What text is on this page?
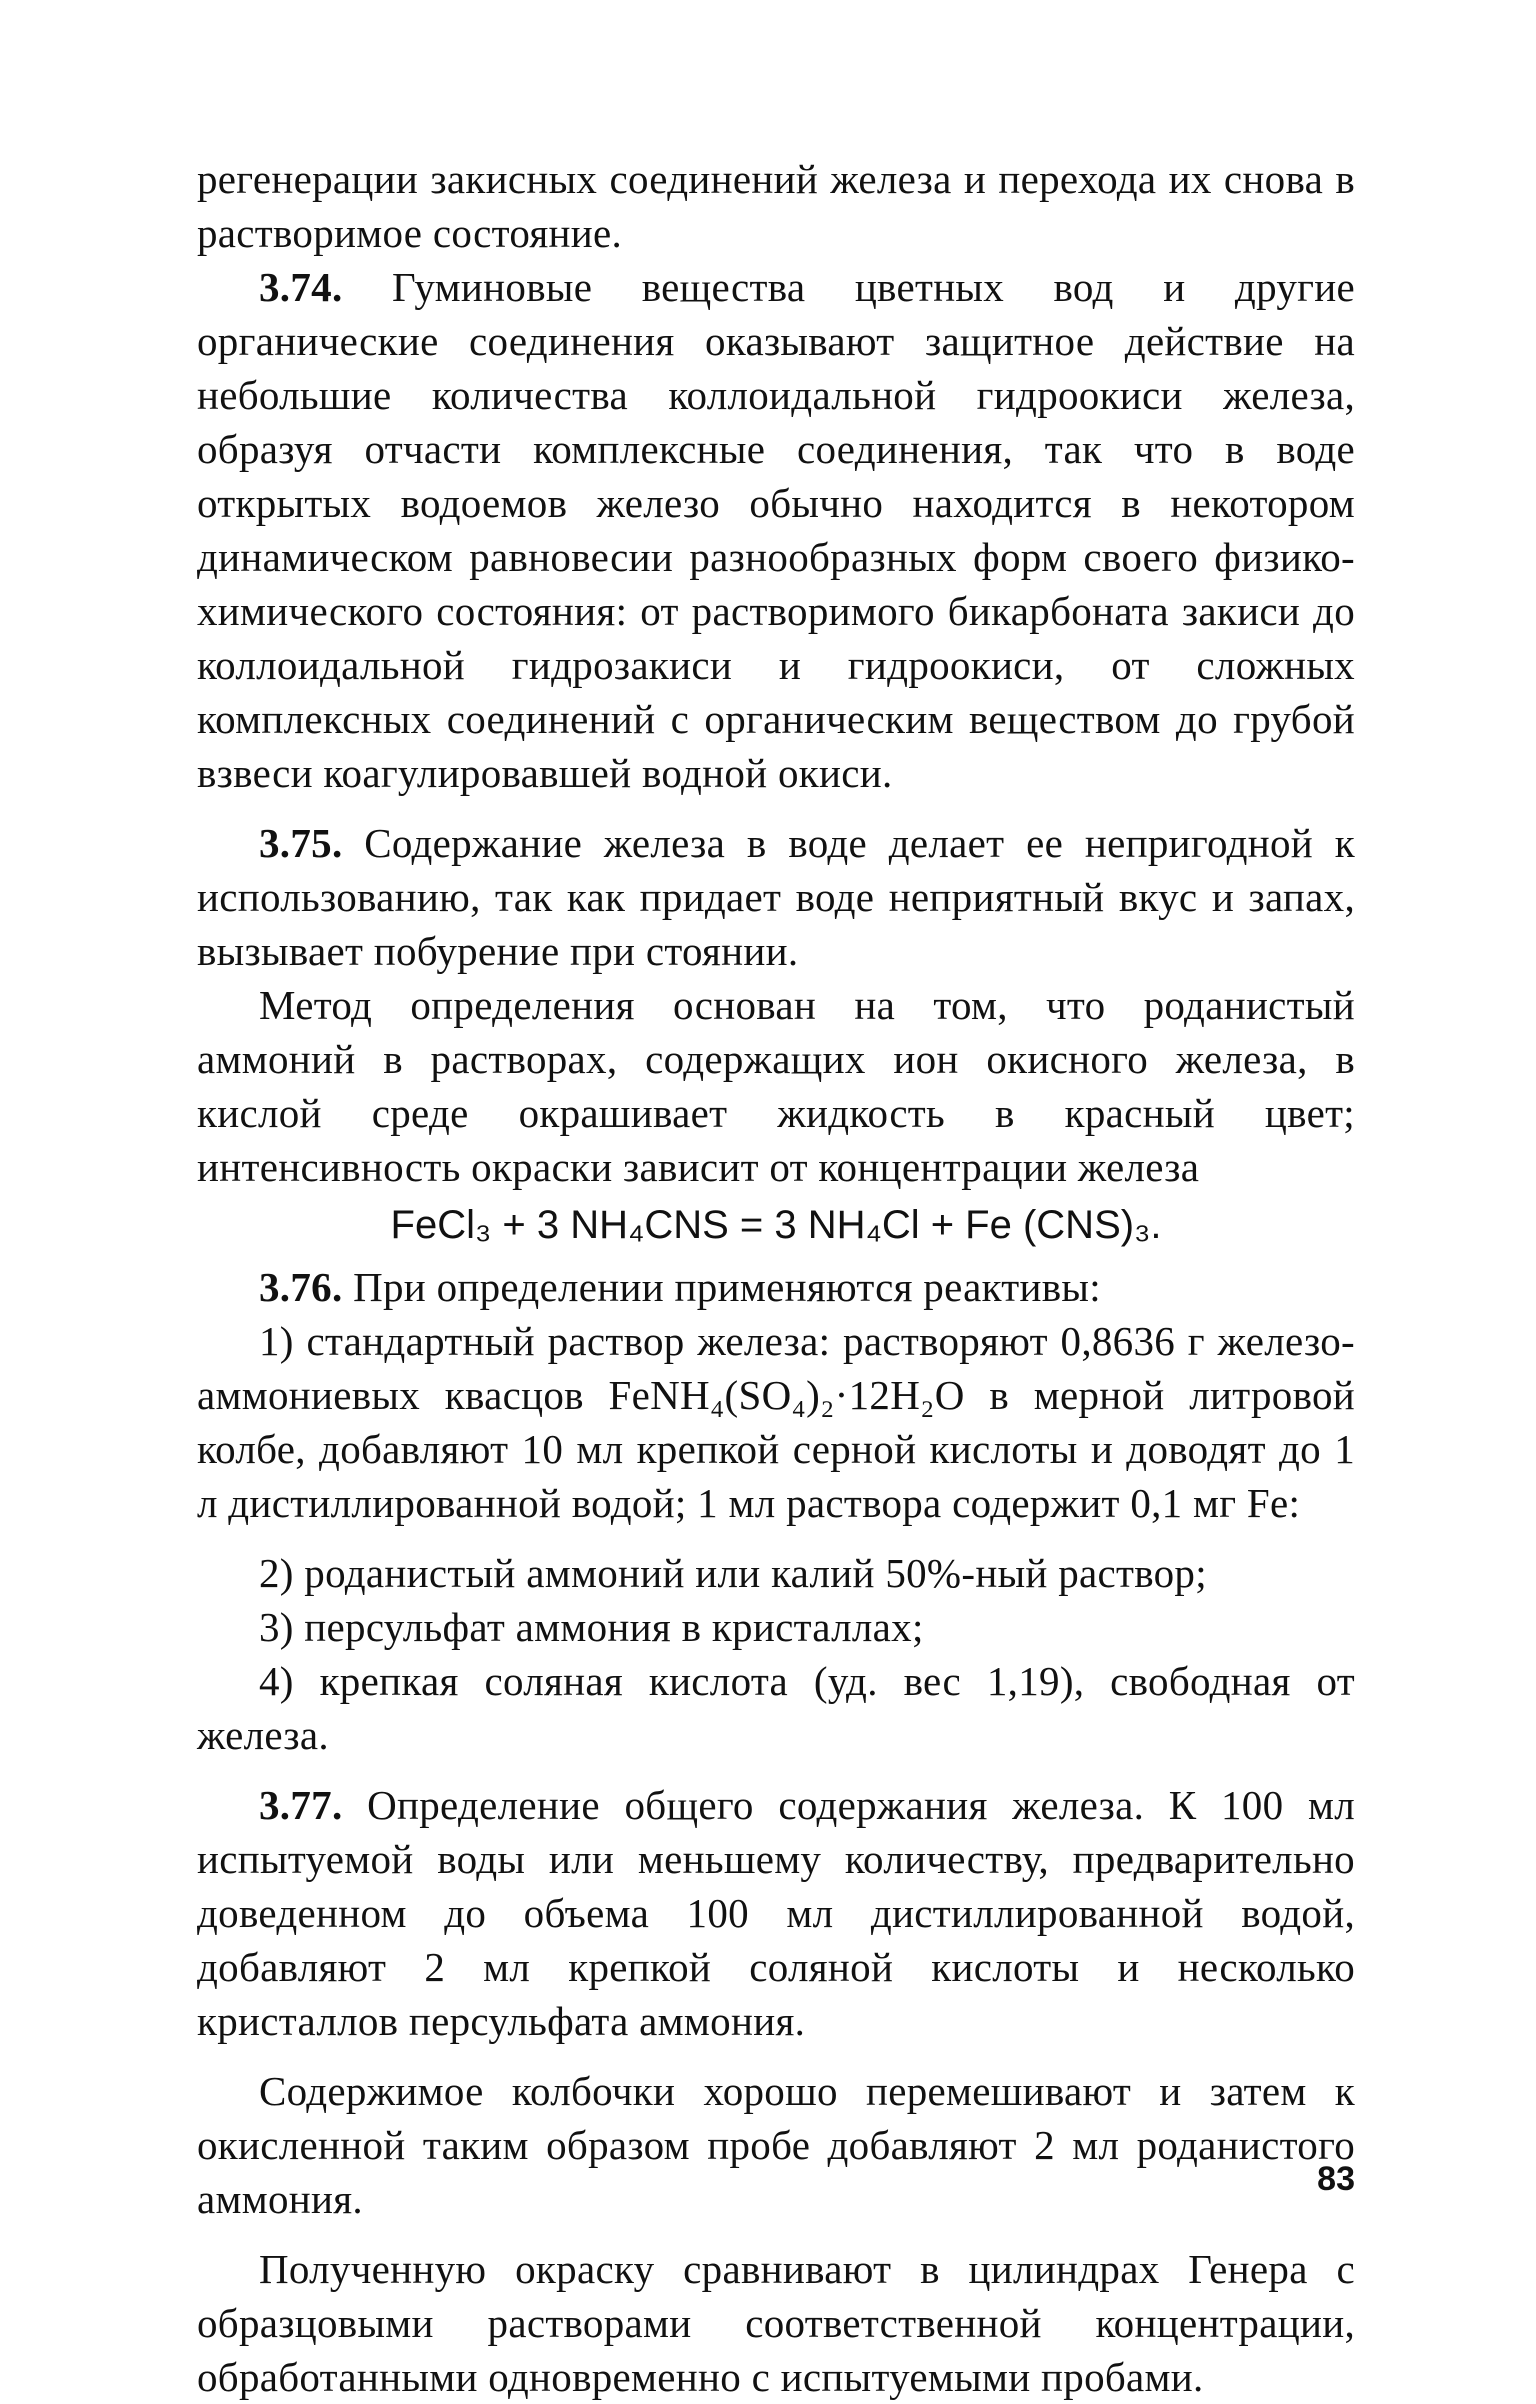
регенерации закисных соединений железа и перехода их снова в растворимое состояние.

3.74. Гуминовые вещества цветных вод и другие органические соединения оказывают защитное действие на небольшие количества коллоидальной гидроокиси железа, образуя отчасти комплексные соединения, так что в воде открытых водоемов железо обычно находится в некотором динамическом равновесии разнообразных форм своего физико-химического состояния: от растворимого бикарбоната закиси до коллоидальной гидрозакиси и гидроокиси, от сложных комплексных соединений с органическим веществом до грубой взвеси коагулировавшей водной окиси.

3.75. Содержание железа в воде делает ее непригодной к использованию, так как придает воде неприятный вкус и запах, вызывает побурение при стоянии.

Метод определения основан на том, что роданистый аммоний в растворах, содержащих ион окисного железа, в кислой среде окрашивает жидкость в красный цвет; интенсивность окраски зависит от концентрации железа

FeCl₃ + 3 NH₄CNS = 3 NH₄Cl + Fe (CNS)₃.

3.76. При определении применяются реактивы:

1) стандартный раствор железа: растворяют 0,8636 г железо-аммониевых квасцов FeNH₄(SO₄)₂·12H₂O в мерной литровой колбе, добавляют 10 мл крепкой серной кислоты и доводят до 1 л дистиллированной водой; 1 мл раствора содержит 0,1 мг Fe:

2) роданистый аммоний или калий 50%-ный раствор;

3) персульфат аммония в кристаллах;

4) крепкая соляная кислота (уд. вес 1,19), свободная от железа.

3.77. Определение общего содержания железа. К 100 мл испытуемой воды или меньшему количеству, предварительно доведенном до объема 100 мл дистиллированной водой, добавляют 2 мл крепкой соляной кислоты и несколько кристаллов персульфата аммония.

Содержимое колбочки хорошо перемешивают и затем к окисленной таким образом пробе добавляют 2 мл роданистого аммония.

Полученную окраску сравнивают в цилиндрах Генера с образцовыми растворами соответственной концентрации, обработанными одновременно с испытуемыми пробами.

83
